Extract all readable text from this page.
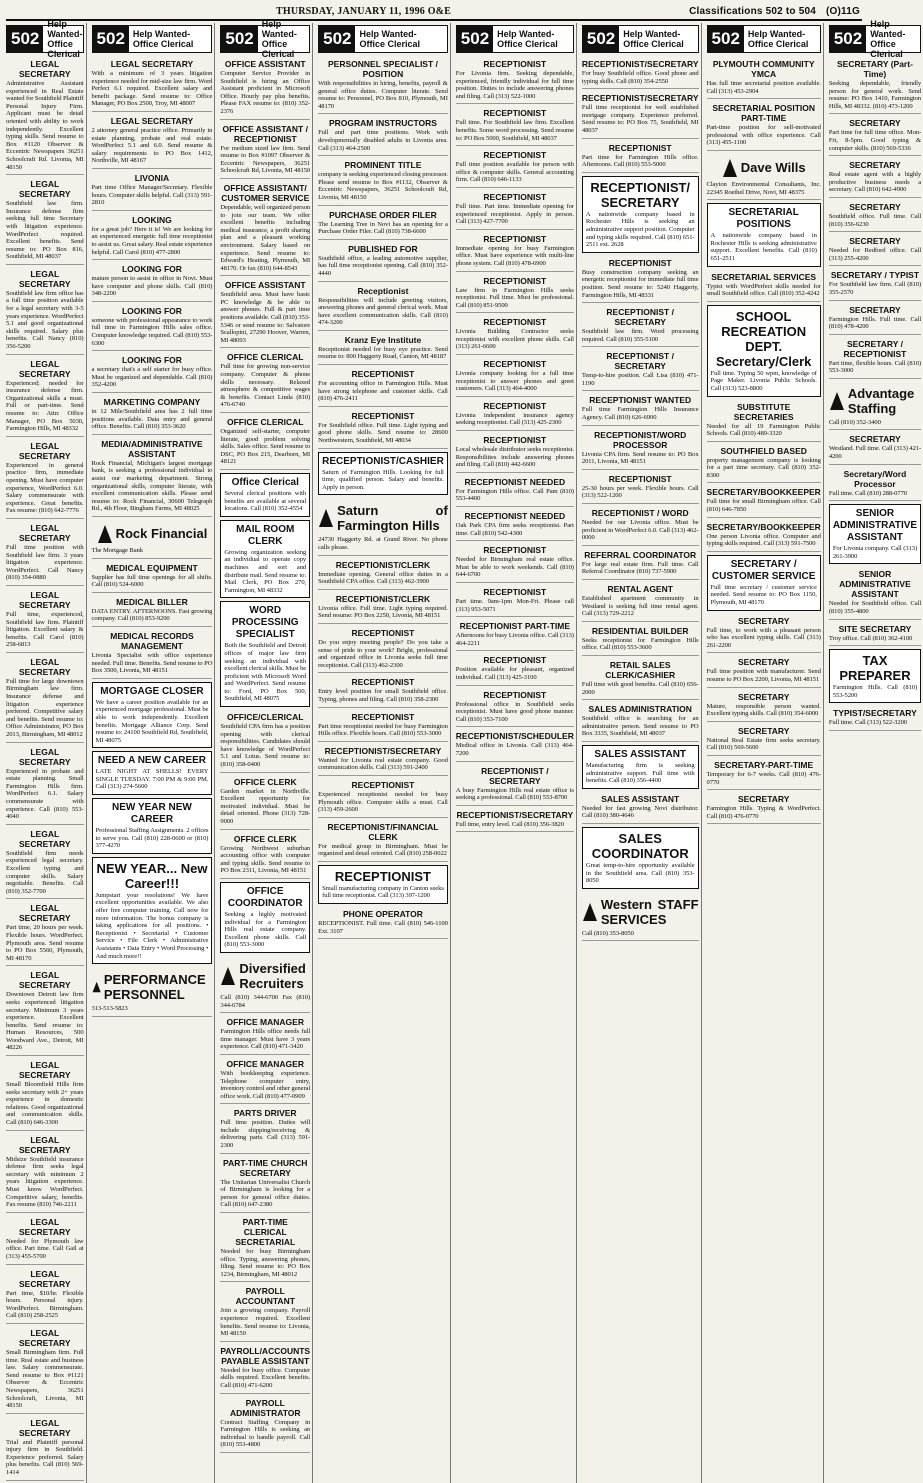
THURSDAY, JANUARY 11, 1996 O&E	Classifications 502 to 504 (O)11G
502
Help Wanted-
Office Clerical
LEGAL SECRETARY
Administrative Assistant experienced in Real Estate wanted for Southfield Plaintiff Personal Injury Firm. Applicant must be detail oriented with ability to work independently. Excellent typing skills. Send resume to Box #1120 Observer & Eccentric Newspapers 36251 Schoolcraft Rd. Livonia, MI 48150
LEGAL SECRETARY
Southfield law firm. Insurance defense firm seeking full time Secretary with litigation experience. WordPerfect required. Excellent benefits. Send resume to: PO Box 816, Southfield, MI 48037
LEGAL SECRETARY
Southfield law firm office has a full time position available for a legal secretary with 3-5 years experience. WordPerfect 5.1 and good organizational skills required. Salary plus benefits. Call Nancy (810) 356-5200
LEGAL SECRETARY
Experienced; needed for insurance defense firm. Organizational skills a must. Full or part-time. Send resume to: Attn: Office Manager, PO Box 5030, Farmington Hills, MI 48332
LEGAL SECRETARY
Experienced in general practice firm, immediate opening. Must have computer experience, WordPerfect 6.0. Salary commensurate with experience. Great benefits. Fax resume: (810) 642-7776
LEGAL SECRETARY
Full time position with Southfield law firm. 3 years litigation experience. WordPerfect. Call Nancy (810) 354-0880
LEGAL SECRETARY
Full time, experienced, Southfield law firm. Plaintiff litigation. Excellent salary & benefits. Call Carol (810) 258-6813
LEGAL SECRETARY
Full time for large downtown Birmingham law firm. Insurance defense and litigation experience preferred. Competitive salary and benefits. Send resume to: Office Administrator, PO Box 2013, Birmingham, MI 48012
LEGAL SECRETARY
Experienced in probate and estate planning. Small Farmington Hills firm. WordPerfect 6.1. Salary commensurate with experience. Call (810) 553-4040
LEGAL SECRETARY
Southfield firm needs experienced legal secretary. Excellent typing and computer skills. Salary negotiable. Benefits. Call (810) 352-7700
LEGAL SECRETARY
Part time, 20 hours per week. Flexible hours. WordPerfect. Plymouth area. Send resume to PO Box 5560, Plymouth, MI 48170
LEGAL SECRETARY
Downtown Detroit law firm seeks experienced litigation secretary. Minimum 3 years experience. Excellent benefits. Send resume to: Human Resources, 500 Woodward Ave., Detroit, MI 48226
LEGAL SECRETARY
Small Bloomfield Hills firm seeks secretary with 2+ years experience in domestic relations. Good organizational and communication skills. Call (810) 646-3300
LEGAL SECRETARY
Midsize Southfield insurance defense firm seeks legal secretary with minimum 2 years litigation experience. Must know WordPerfect. Competitive salary, benefits. Fax resume (810) 746-2211
LEGAL SECRETARY
Needed for Plymouth law office. Part time. Call Gail at (313) 455-5700
LEGAL SECRETARY
Part time, $10/hr. Flexible hours. Personal injury. WordPerfect. Birmingham. Call (810) 258-2525
LEGAL SECRETARY
Small Birmingham firm. Full time. Real estate and business law. Salary commensurate. Send resume to Box #1121 Observer & Eccentric Newspapers, 36251 Schoolcraft, Livonia, MI 48150
LEGAL SECRETARY
Trial and Plaintiff personal injury firm in Southfield. Experience preferred. Salary plus benefits. Call (810) 569-1414
502 Help Wanted-
Office Clerical
LEGAL SECRETARY
With a minimum of 3 years litigation experience needed for mid-size law firm. Word Perfect 6.1 required. Excellent salary and benefit package. Send resume to: Office Manager, PO Box 2500, Troy, MI 48007
LEGAL SECRETARY
2 attorney general practice office. Primarily in estate planning, probate and real estate. WordPerfect 5.1 and 6.0. Send resume & salary requirements to PO Box 1412, Northville, MI 48167
LIVONIA
Part time Office Manager/Secretary. Flexible hours. Computer skills helpful. Call (313) 591-2810
LOOKING
for a great job? Here it is! We are looking for an experienced energetic full time receptionist to assist us. Great salary. Real estate experience helpful. Call Carol (810) 477-2800
LOOKING FOR
mature person to assist in office in Novi. Must have computer and phone skills. Call (810) 348-2200
LOOKING FOR
someone with professional appearance to work full time in Farmington Hills sales office. Computer knowledge required. Call (810) 553-6300
LOOKING FOR
a secretary that's a self starter for busy office. Must be organized and dependable. Call (810) 352-4200
MARKETING COMPANY
in 12 Mile/Southfield area has 2 full time positions available. Data entry and general office. Benefits. Call (810) 353-3620
MEDIA/ADMINISTRATIVE ASSISTANT
Rock Financial, Michigan's largest mortgage bank, is seeking a professional individual to assist our marketing department. Strong organizational skills, computer literate, with excellent communication skills. Please send resume to: Rock Financial, 30600 Telegraph Rd., 4th Floor, Bingham Farms, MI 48025
Rock Financial
The Mortgage Bank
MEDICAL EQUIPMENT
Supplier has full time openings for all shifts. Call (810) 524-6000
MEDICAL BILLER
DATA ENTRY. AFTERNOONS. Fast growing company. Call (810) 853-9200
MEDICAL RECORDS MANAGEMENT
Livonia Specialist with office experience needed. Full time. Benefits. Send resume to PO Box 3500, Livonia, MI 48151
MORTGAGE CLOSER
We have a career position available for an experienced mortgage professional. Must be able to work independently. Excellent benefits. Mortgage Alliance Corp. Send resume to: 24100 Southfield Rd, Southfield, MI 48075
NEED A NEW CAREER
LATE NIGHT AT SHELLS! EVERY SINGLE TUESDAY. 7:00 PM & 9:00 PM. Call (313) 274-5600
NEW YEAR NEW CAREER
Professional Staffing Assignments. 2 offices to serve you. Call (810) 228-0600 or (810) 377-4270
NEW YEAR... New Career!!!
Jumpstart your resolutions! We have excellent opportunities available. We also offer free computer training. Call now for more information. The bonus company is taking applications for all positions. • Receptionist • Secretarial • Customer Service • File Clerk • Administrative Assistants • Data Entry • Word Processing • And much more!!
PERFORMANCE PERSONNEL
313-513-5823
502
Help Wanted-
Office Clerical
OFFICE ASSISTANT
Computer Service Provider in Southfield is hiring an Office Assistant proficient in Microsoft Office. Hourly pay plus benefits. Please FAX resume to: (810) 352-2376
OFFICE ASSISTANT / RECEPTIONIST
For medium sized law firm. Send resume to Box #1097 Observer & Eccentric Newspapers, 36251 Schoolcraft Rd, Livonia, MI 48150
OFFICE ASSISTANT/ CUSTOMER SERVICE
Dependable, well organized person to join our team. We offer excellent benefits including medical insurance, a profit sharing plan and a pleasant working environment. Salary based on experience. Send resume to: Edward's Heating, Plymouth, MI 48170. Or fax (810) 644-8543
OFFICE ASSISTANT
Southfield area. Must have basic PC knowledge & be able to answer phones. Full & part time positions available. Call (810) 353-5346 or send resume to: Salvatore Scallopini, 27290 Hoover, Warren, MI 48093
OFFICE CLERICAL
Full time for growing non-service company. Computer & phone skills necessary. Relaxed atmosphere & competitive wages & benefits. Contact Linda (810) 476-6740
OFFICE CLERICAL
Organized self-starter, computer literate, good problem solving skills. Sales office. Send resume to DSC, PO Box 215, Dearborn, MI 48121
Office Clerical
Several clerical positions with benefits are available at several locations. Call (810) 352-4554
MAIL ROOM CLERK
Growing organization seeking an individual to operate copy machines and sort and distribute mail. Send resume to: Mail Clerk, PO Box 270, Farmington, MI 48332
WORD PROCESSING SPECIALIST
Both the Southfield and Detroit offices of major law firm seeking an individual with excellent clerical skills. Must be proficient with Microsoft Word and WordPerfect. Send resume to: Ford, PO Box 500, Southfield, MI 48075
OFFICE/CLERICAL
Southfield CPA firm has a position opening with clerical responsibilities. Candidates should have knowledge of WordPerfect 5.1 and Lotus. Send resume to: (810) 358-0400
OFFICE CLERK
Garden market in Northville. Excellent opportunity for motivated individual. Must be detail oriented. Phone (313) 728-9000
OFFICE CLERK
Growing Northwest suburban accounting office with computer and typing skills. Send resume to PO Box 2311, Livonia, MI 48151
OFFICE COORDINATOR
Seeking a highly motivated individual for a Farmington Hills real estate company. Excellent phone skills. Call (810) 553-3000
Diversified Recruiters
Call (810) 344-6700 Fax (810) 344-6784
OFFICE MANAGER
Farmington Hills office needs full time manager. Must have 3 years experience. Call (810) 471-3420
OFFICE MANAGER
With bookkeeping experience. Telephone computer entry, inventory control and other general office work. Call (810) 477-0909
PARTS DRIVER
Full time position. Duties will include shipping/receiving & delivering parts. Call (313) 591-2300
PART-TIME CHURCH SECRETARY
The Unitarian Universalist Church of Birmingham is looking for a person for general office duties. Call (810) 647-2380
PART-TIME CLERICAL SECRETARIAL
Needed for busy Birmingham office. Typing, answering phones, filing. Send resume to: PO Box 1234, Birmingham, MI 48012
PAYROLL ACCOUNTANT
Join a growing company. Payroll experience required. Excellent benefits. Send resume to: Livonia, MI 48150
PAYROLL/ACCOUNTS PAYABLE ASSISTANT
Needed for busy office. Computer skills required. Excellent benefits. Call (810) 471-6200
PAYROLL ADMINISTRATOR
Contract Staffing Company in Farmington Hills is seeking an individual to handle payroll. Call (810) 553-4800
502 Help Wanted-
Office Clerical
PERSONNEL SPECIALIST / POSITION
With responsibilities in hiring, benefits, payroll & general office duties. Computer literate. Send resume to: Personnel, PO Box 810, Plymouth, MI 48170
PROGRAM INSTRUCTORS
Full and part time positions. Work with developmentally disabled adults in Livonia area. Call (313) 464-2500
PROMINENT TITLE
company is seeking experienced closing processor. Please send resume to Box #1132, Observer & Eccentric Newspapers, 36251 Schoolcraft Rd, Livonia, MI 48150
PURCHASE ORDER FILER
The Learning Tree in Novi has an opening for a Purchase Order Filer. Call (810) 738-6600
PUBLISHED FOR
Southfield office, a leading automotive supplier, has full time receptionist opening. Call (810) 352-4440
Receptionist
Responsibilities will include greeting visitors, answering phones and general clerical work. Must have excellent communication skills. Call (810) 474-3200
Kranz Eye Institute
Receptionist needed for busy eye practice. Send resume to: 800 Haggerty Road, Canton, MI 48187
RECEPTIONIST
For accounting office in Farmington Hills. Must have strong telephone and customer skills. Call (810) 476-2411
RECEPTIONIST
For Southfield office. Full time. Light typing and good phone skills. Send resume to: 28600 Northwestern, Southfield, MI 48034
RECEPTIONIST/CASHIER
Saturn of Farmington Hills. Looking for full time, qualified person. Salary and benefits. Apply in person.
Saturn of Farmington Hills
24730 Haggerty Rd. at Grand River. No phone calls please.
RECEPTIONIST/CLERK
Immediate opening. General office duties in a Southfield CPA office. Call (313) 462-3900
RECEPTIONIST/CLERK
Livonia office. Full time. Light typing required. Send resume: PO Box 2250, Livonia, MI 48151
RECEPTIONIST
Do you enjoy meeting people? Do you take a sense of pride in your work? Bright, professional and organized office in Livonia seeks full time receptionist. Call (313) 462-2300
RECEPTIONIST
Entry level position for small Southfield office. Typing, phones and filing. Call (810) 358-2300
RECEPTIONIST
Part time receptionist needed for busy Farmington Hills office. Flexible hours. Call (810) 553-3000
RECEPTIONIST/SECRETARY
Wanted for Livonia real estate company. Good communication skills. Call (313) 591-2400
RECEPTIONIST
Experienced receptionist needed for busy Plymouth office. Computer skills a must. Call (313) 459-2600
RECEPTIONIST/FINANCIAL CLERK
For medical group in Birmingham. Must be organized and detail oriented. Call (810) 258-0022
RECEPTIONIST
Small manufacturing company in Canton seeks full time receptionist. Call (313) 397-1200
PHONE OPERATOR
RECEPTIONIST. Full time. Call (810) 546-1100 Ext. 3107
502 Help Wanted-
Office Clerical
RECEPTIONIST
For Livonia firm. Seeking dependable, experienced, friendly individual for full time position. Duties to include answering phones and filing. Call (313) 522-1000
RECEPTIONIST
Full time. For Southfield law firm. Excellent benefits. Some word processing. Send resume to: PO Box 5000, Southfield, MI 48037
RECEPTIONIST
Full time position available for person with office & computer skills. General accounting firm. Call (810) 646-1133
RECEPTIONIST
Full time. Part time. Immediate opening for experienced receptionist. Apply in person. Call (313) 427-7700
RECEPTIONIST
Immediate opening for busy Farmington office. Must have experience with multi-line phone system. Call (810) 478-6900
RECEPTIONIST
Law firm in Farmington Hills seeks receptionist. Full time. Must be professional. Call (810) 851-9500
RECEPTIONIST
Livonia Building Contractor seeks receptionist with excellent phone skills. Call (313) 261-6600
RECEPTIONIST
Livonia company looking for a full time receptionist to answer phones and greet customers. Call (313) 464-4000
RECEPTIONIST
Livonia independent insurance agency seeking receptionist. Call (313) 425-2300
RECEPTIONIST
Local wholesale distributor seeks receptionist. Responsibilities include answering phones and filing. Call (810) 442-6600
RECEPTIONIST NEEDED
For Farmington Hills office. Call Pam (810) 553-4400
RECEPTIONIST NEEDED
Oak Park CPA firm seeks receptionist. Part time. Call (810) 542-4300
RECEPTIONIST
Needed for Birmingham real estate office. Must be able to work weekends. Call (810) 644-6700
RECEPTIONIST
Part time. 9am-1pm Mon-Fri. Please call (313) 953-5071
RECEPTIONIST PART-TIME
Afternoons for busy Livonia office. Call (313) 464-2211
RECEPTIONIST
Position available for pleasant, organized individual. Call (313) 425-3100
RECEPTIONIST
Professional office in Southfield seeks receptionist. Must have good phone manner. Call (810) 353-7100
RECEPTIONIST/SCHEDULER
Medical office in Livonia. Call (313) 464-7200
RECEPTIONIST / SECRETARY
A busy Farmington Hills real estate office is seeking a professional. Call (810) 553-8700
RECEPTIONIST/SECRETARY
Full time, entry level. Call (810) 356-3820
502 Help Wanted-
Office Clerical
RECEPTIONIST/SECRETARY
For busy Southfield office. Good phone and typing skills. Call (810) 354-2550
RECEPTIONIST/SECRETARY
Full time receptionist for well established mortgage company. Experience preferred. Send resume to: PO Box 75, Southfield, MI 48037
RECEPTIONIST
Part time for Farmington Hills office. Afternoons. Call (810) 553-5000
RECEPTIONIST/ SECRETARY
A nationwide company based in Rochester Hills is seeking an administrative support position. Computer and typing skills required. Call (810) 651-2511 ext. 2628
RECEPTIONIST
Busy construction company seeking an energetic receptionist for immediate full time position. Send resume to: 5240 Haggerty, Farmington Hills, MI 48331
RECEPTIONIST / SECRETARY
Southfield law firm. Word processing required. Call (810) 355-5100
RECEPTIONIST / SECRETARY
Temp-to-hire position. Call Lisa (810) 471-1190
RECEPTIONIST WANTED
Full time Farmington Hills Insurance Agency. Call (810) 626-6900
RECEPTIONIST/WORD PROCESSOR
Livonia CPA firm. Send resume to: PO Box 2011, Livonia, MI 48151
RECEPTIONIST
25-30 hours per week. Flexible hours. Call (313) 522-1200
RECEPTIONIST / WORD
Needed for our Livonia office. Must be proficient in WordPerfect 6.0. Call (313) 462-0000
REFERRAL COORDINATOR
For large real estate firm. Full time. Call Referral Coordinator (810) 737-5900
RENTAL AGENT
Established apartment community in Westland is seeking full time rental agent. Call (313) 729-2212
RESIDENTIAL BUILDER
Seeks receptionist for Farmington Hills office. Call (810) 553-3600
RETAIL SALES CLERK/CASHIER
Full time with good benefits. Call (810) 656-2000
SALES ADMINISTRATION
Southfield office is searching for an administrative person. Send resume to PO Box 3335, Southfield, MI 48037
SALES ASSISTANT
Manufacturing firm is seeking administrative support. Full time with benefits. Call (810) 356-4400
SALES ASSISTANT
Needed for fast growing Novi distributor. Call (810) 380-4646
SALES COORDINATOR
Great temp-to-hire opportunity available in the Southfield area. Call (810) 353-8050
Western STAFF SERVICES
Call (810) 353-8050
502 Help Wanted-
Office Clerical
PLYMOUTH COMMUNITY YMCA
Has full time secretarial position available. Call (313) 453-2904
SECRETARIAL POSITION PART-TIME
Part-time position for self-motivated professional with office experience. Call (313) 455-1100
Dave Wills
Clayton Environmental Consultants, Inc. 22345 Roethel Drive, Novi, MI 48375
SECRETARIAL POSITIONS
A nationwide company based in Rochester Hills is seeking administrative support. Excellent benefits. Call (810) 651-2511
SECRETARIAL SERVICES
Typist with WordPerfect skills needed for small Southfield office. Call (810) 352-4242
SCHOOL RECREATION DEPT. Secretary/Clerk
Full time. Typing 50 wpm, knowledge of Page Maker. Livonia Public Schools. Call (313) 523-8800
SUBSTITUTE SECRETARIES
Needed for all 19 Farmington Public Schools. Call (810) 489-3320
SOUTHFIELD BASED
property management company is looking for a part time secretary. Call (810) 352-8300
SECRETARY/BOOKKEEPER
Full time for small Birmingham office. Call (810) 646-7850
SECRETARY/BOOKKEEPER
One person Livonia office. Computer and typing skills required. Call (313) 591-7500
SECRETARY / CUSTOMER SERVICE
Full time secretary / customer service needed. Send resume to: PO Box 1150, Plymouth, MI 48170
SECRETARY
Full time, to work with a pleasant person who has excellent typing skills. Call (313) 261-2200
SECRETARY
Full time position with manufacturer. Send resume to PO Box 2200, Livonia, MI 48151
SECRETARY
Mature, responsible person wanted. Excellent typing skills. Call (810) 354-6000
SECRETARY
National Real Estate firm seeks secretary. Call (810) 569-5600
SECRETARY-PART-TIME
Temporary for 6-7 weeks. Call (810) 476-0770
SECRETARY
Farmington Hills. Typing & WordPerfect. Call (810) 476-0770
502
Help Wanted-
Office Clerical
SECRETARY (Part-Time)
Seeking dependable, friendly person for general work. Send resume: PO Box 1410, Farmington Hills, MI 48332. (810) 473-1200
SECRETARY
Part time for full time office. Mon-Fri, 8-5pm. Good typing & computer skills. (810) 569-5336
SECRETARY
Real estate agent with a highly productive business needs a secretary. Call (810) 642-4900
SECRETARY
Southfield office. Full time. Call (810) 356-6230
SECRETARY
Needed for Redford office. Call (313) 255-4200
SECRETARY / TYPIST
For Southfield law firm. Call (810) 355-2570
SECRETARY
Farmington Hills. Full time. Call (810) 478-4200
SECRETARY / RECEPTIONIST
Part time, flexible hours. Call (810) 553-3000
Advantage Staffing
Call (810) 352-3400
SECRETARY
Westland. Full time. Call (313) 421-4200
Secretary/Word Processor
Full time. Call (810) 288-0770
SENIOR ADMINISTRATIVE ASSISTANT
For Livonia company. Call (313) 261-3900
SENIOR ADMINISTRATIVE ASSISTANT
Needed for Southfield office. Call (810) 355-4800
SITE SECRETARY
Troy office. Call (810) 362-4100
TAX PREPARER
Farmington Hills. Call (810) 553-5200
TYPIST/SECRETARY
Full time. Call (313) 522-3200
